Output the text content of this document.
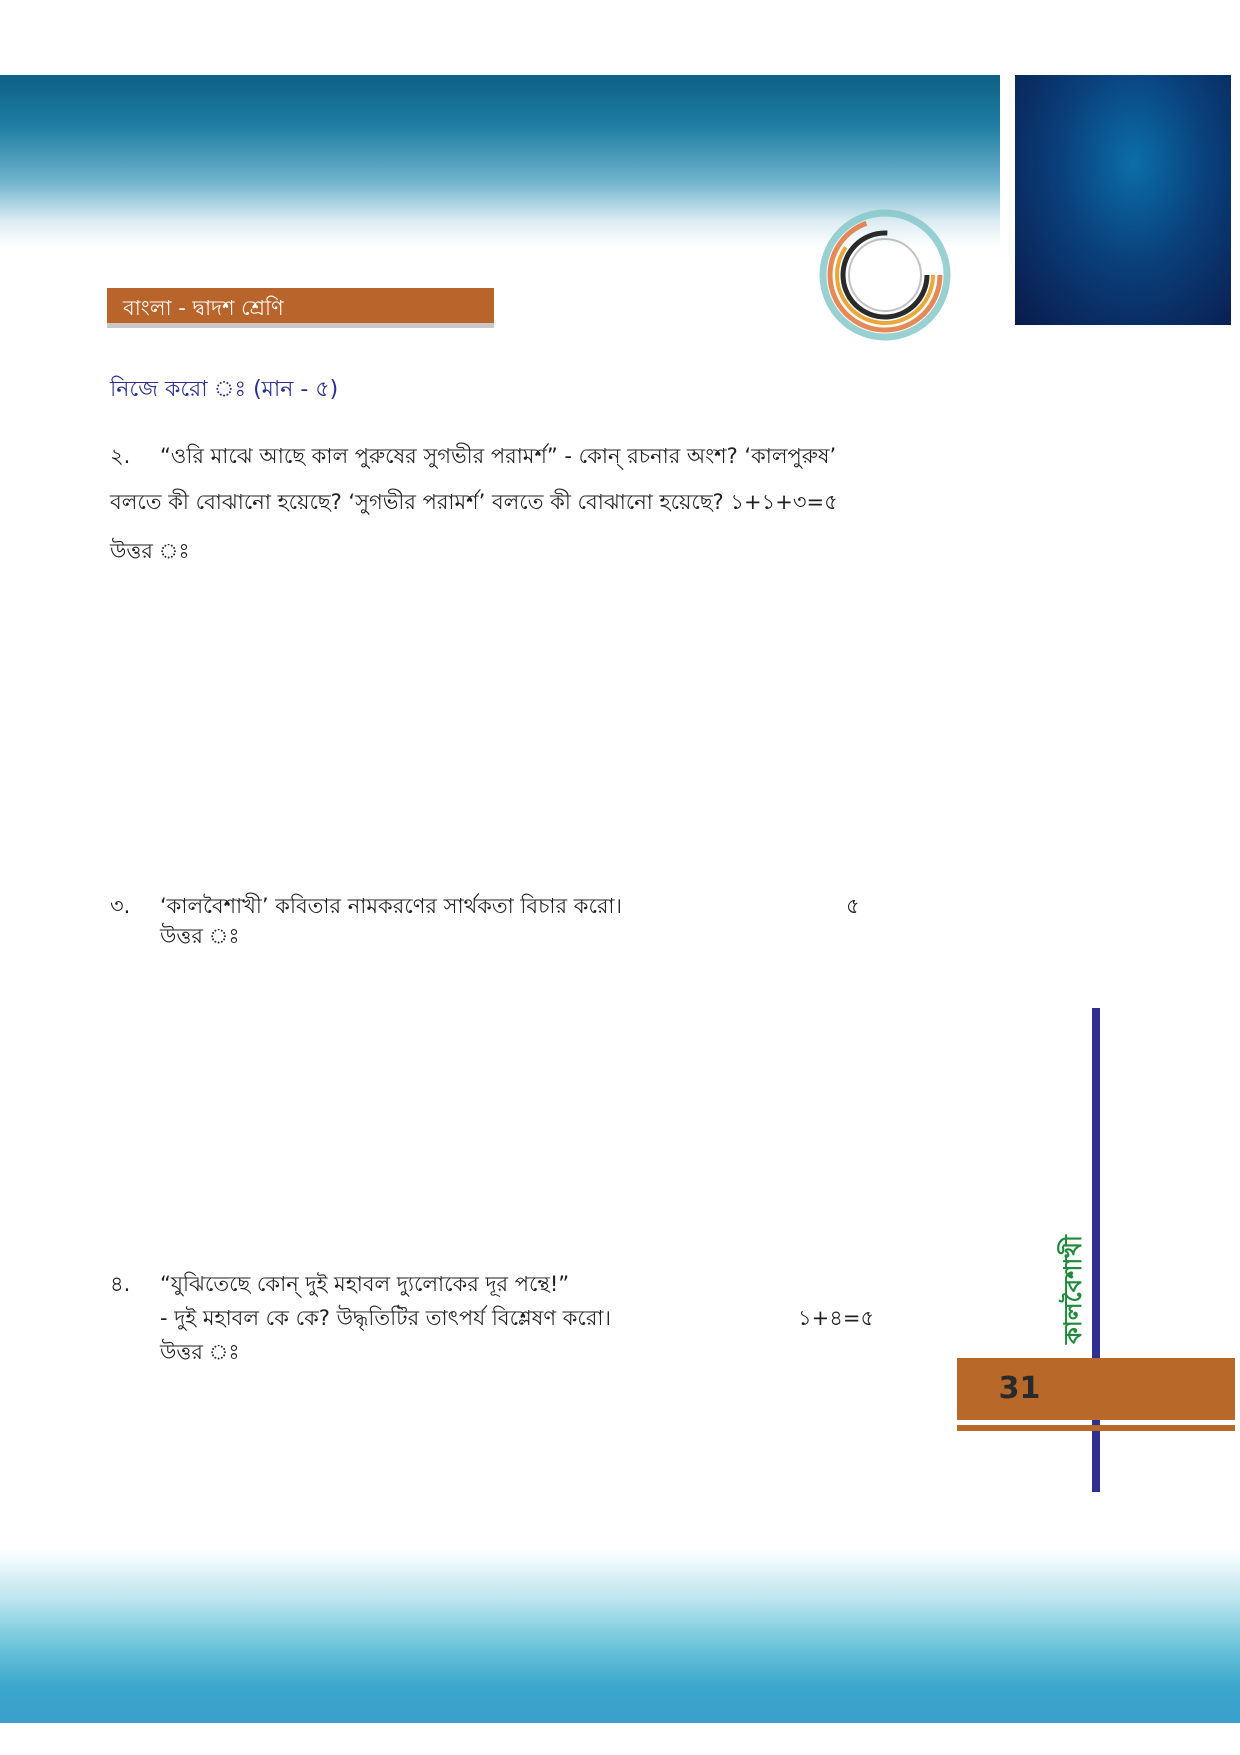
বাংলা - দ্বাদশ শ্রেণি
নিজে করো ঃ (মান - ৫)
২. “ওরি মাঝে আছে কাল পুরুষের সুগভীর পরামর্শ” - কোন্ রচনার অংশ? ‘কালপুরুষ’
বলতে কী বোঝানো হয়েছে? ‘সুগভীর পরামর্শ’ বলতে কী বোঝানো হয়েছে? ১+১+৩=৫
উত্তর ঃ
৩. ‘কালবৈশাখী’ কবিতার নামকরণের সার্থকতা বিচার করো।	৫
উত্তর ঃ
৪. “যুঝিতেছে কোন্ দুই মহাবল দ্যুলোকের দূর পন্থে!”
- দুই মহাবল কে কে? উদ্ধৃতিটির তাৎপর্য বিশ্লেষণ করো।	১+৪=৫
উত্তর ঃ
কালবৈশাখী
31
